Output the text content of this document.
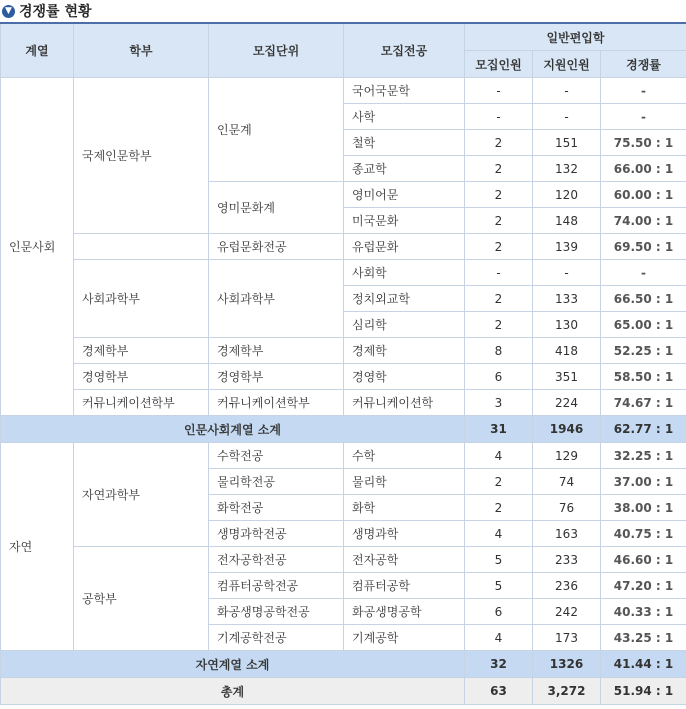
▼ 경쟁률 현황
계열	학부	모집단위	모집전공	일반편입학		
				모집인원	지원인원	경쟁률
인문사회	국제인문학부	인문계	국어국문학	-	-	-
			사학	-	-	-
			철학	2	151	75.50 : 1
			종교학	2	132	66.00 : 1
		영미문화계	영미어문	2	120	60.00 : 1
			미국문화	2	148	74.00 : 1
		유럽문화전공	유럽문화	2	139	69.50 : 1
	사회과학부	사회과학부	사회학	-	-	-
			정치외교학	2	133	66.50 : 1
			심리학	2	130	65.00 : 1
	경제학부	경제학부	경제학	8	418	52.25 : 1
	경영학부	경영학부	경영학	6	351	58.50 : 1
	커뮤니케이션학부	커뮤니케이션학부	커뮤니케이션학	3	224	74.67 : 1
인문사회계열 소계				31	1946	62.77 : 1
자연	자연과학부	수학전공	수학	4	129	32.25 : 1
		물리학전공	물리학	2	74	37.00 : 1
		화학전공	화학	2	76	38.00 : 1
		생명과학전공	생명과학	4	163	40.75 : 1
	공학부	전자공학전공	전자공학	5	233	46.60 : 1
		컴퓨터공학전공	컴퓨터공학	5	236	47.20 : 1
		화공생명공학전공	화공생명공학	6	242	40.33 : 1
		기계공학전공	기계공학	4	173	43.25 : 1
자연계열 소계				32	1326	41.44 : 1
총계				63	3,272	51.94 : 1
